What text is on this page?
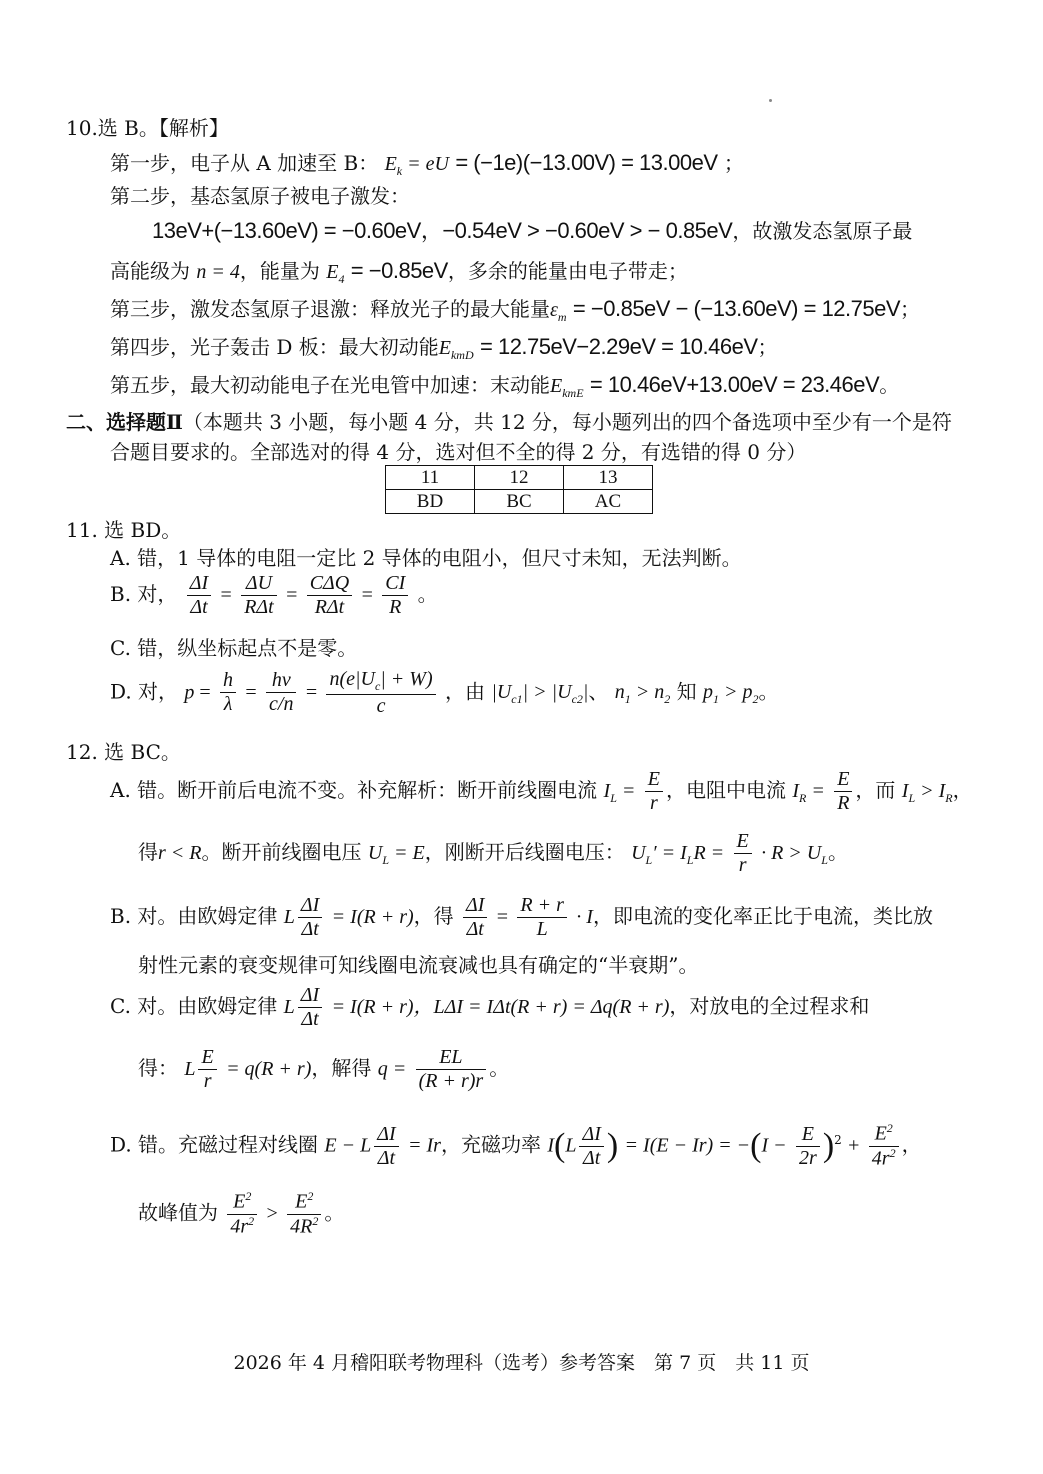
10.选 B。【解析】
第一步，电子从 A 加速至 B： $E_k$ = eU = (−1e)(−13.00V) = 13.00eV ；
第二步，基态氢原子被电子激发：
13eV+(−13.60eV) = −0.60eV，−0.54eV > −0.60eV > − 0.85eV，故激发态氢原子最
高能级为 n = 4，能量为 $E_4 = -0.85eV$，多余的能量由电子带走；
第三步，激发态氢原子退激：释放光子的最大能量$\varepsilon_m = -0.85eV - (-13.60eV) = 12.75eV$；
第四步，光子轰击 D 板：最大初动能$E_{kmD} = 12.75eV-2.29eV = 10.46eV$；
第五步，最大初动能电子在光电管中加速：末动能$E_{kmE} = 10.46eV+13.00eV = 23.46eV$。
二、选择题Ⅱ（本题共 3 小题，每小题 4 分，共 12 分，每小题列出的四个备选项中至少有一个是符
合题目要求的。全部选对的得 4 分，选对但不全的得 2 分，有选错的得 0 分）
11	12	13
BD	BC	AC
11. 选 BD。
A. 错，1 导体的电阻一定比 2 导体的电阻小，但尺寸未知，无法判断。
B. 对， $\frac{\Delta I}{\Delta t} = \frac{\Delta U}{\text{RΔt}} = \frac{\text{CΔQ}}{\text{RΔt}} = \frac{CI}{R}$ 。
C. 错，纵坐标起点不是零。
D. 对， $p = \frac{h}{\lambda} = \frac{h\nu}{c/n} = \frac{n(e|U_c| + W)}{c}$ ，由 $|U_{c1}| > |U_{c2}|$、 $n_1 > n_2$ 知 $p_1 > p_2$。
12. 选 BC。
A. 错。断开前后电流不变。补充解析：断开前线圈电流 $I_L = \frac{E}{r}$ ，电阻中电流 $I_R = \frac{E}{R}$ ，而 $I_L > I_R$，
得r < R。断开前线圈电压 $U_L = E$，刚断开后线圈电压： $U_L' = I_LR = \frac{E}{r} \cdot R > U_L$。
B. 对。由欧姆定律 L $\frac{\Delta I}{\Delta t} = I(R + r)$，得 $\frac{\Delta I}{\Delta t} = \frac{R + r}{L} \cdot I$，即电流的变化率正比于电流，类比放
射性元素的衰变规律可知线圈电流衰减也具有确定的“半衰期”。
C. 对。由欧姆定律 L $\frac{\Delta I}{\Delta t} = I(R + r)$，LΔI = IΔt(R + r) = Δq(R + r)，对放电的全过程求和
得： L $\frac{E}{r} = q(R + r)$，解得 $q = \frac{EL}{(R + r)r}$ 。
D. 错。充磁过程对线圈 E − L $\frac{\Delta I}{\Delta t} = Ir$，充磁功率 $I(L \frac{\Delta I}{\Delta t}$ ) = $I(E - Ir) = -(I - \frac{E}{2r} )^2 + \frac{E^2}{4r^2}$ ，
故峰值为 $\frac{E^2}{4r^2} > \frac{E^2}{4R^2}$ 。
2026 年 4 月稽阳联考物理科（选考）参考答案　第 7 页　共 11 页
